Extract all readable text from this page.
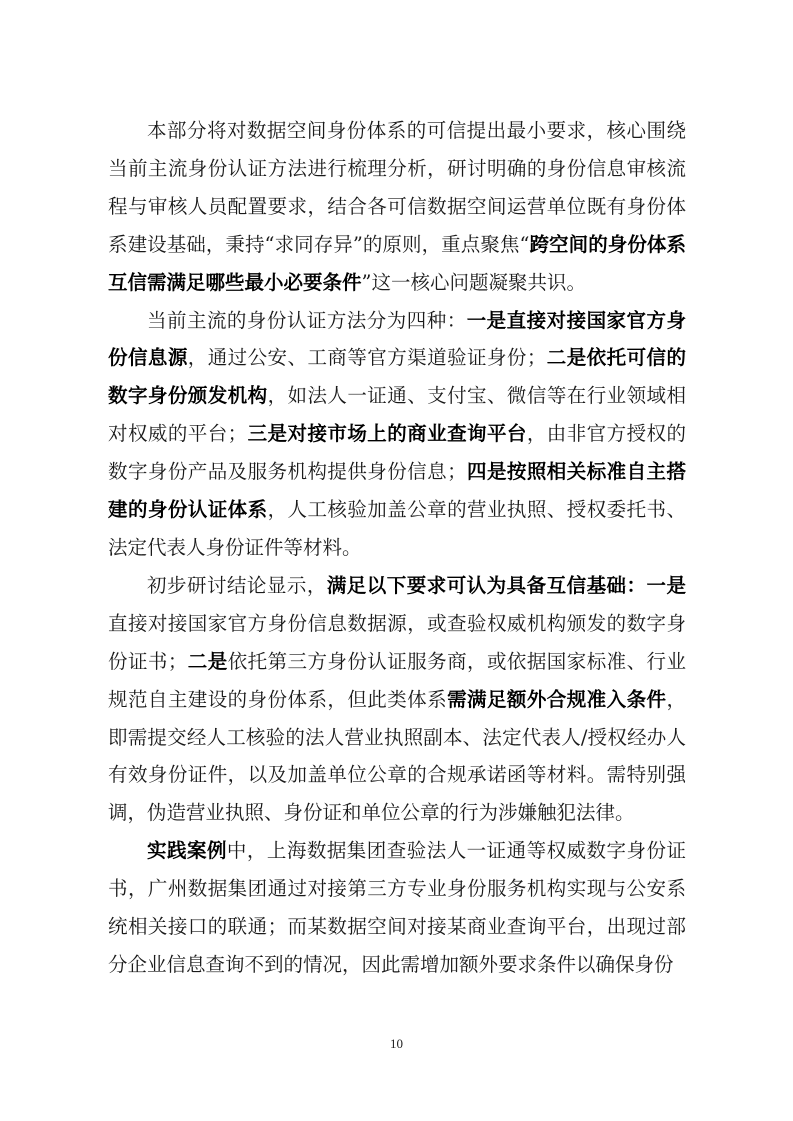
本部分将对数据空间身份体系的可信提出最小要求，核心围绕当前主流身份认证方法进行梳理分析，研讨明确的身份信息审核流程与审核人员配置要求，结合各可信数据空间运营单位既有身份体系建设基础，秉持“求同存异”的原则，重点聚焦“跨空间的身份体系互信需满足哪些最小必要条件”这一核心问题凝聚共识。

当前主流的身份认证方法分为四种：一是直接对接国家官方身份信息源，通过公安、工商等官方渠道验证身份；二是依托可信的数字身份颁发机构，如法人一证通、支付宝、微信等在行业领域相对权威的平台；三是对接市场上的商业查询平台，由非官方授权的数字身份产品及服务机构提供身份信息；四是按照相关标准自主搭建的身份认证体系，人工核验加盖公章的营业执照、授权委托书、法定代表人身份证件等材料。

初步研讨结论显示，满足以下要求可认为具备互信基础：一是直接对接国家官方身份信息数据源，或查验权威机构颁发的数字身份证书；二是依托第三方身份认证服务商，或依据国家标准、行业规范自主建设的身份体系，但此类体系需满足额外合规准入条件，即需提交经人工核验的法人营业执照副本、法定代表人/授权经办人有效身份证件，以及加盖单位公章的合规承诺函等材料。需特别强调，伪造营业执照、身份证和单位公章的行为涉嫌触犯法律。

实践案例中，上海数据集团查验法人一证通等权威数字身份证书，广州数据集团通过对接第三方专业身份服务机构实现与公安系统相关接口的联通；而某数据空间对接某商业查询平台，出现过部分企业信息查询不到的情况，因此需增加额外要求条件以确保身份

10
